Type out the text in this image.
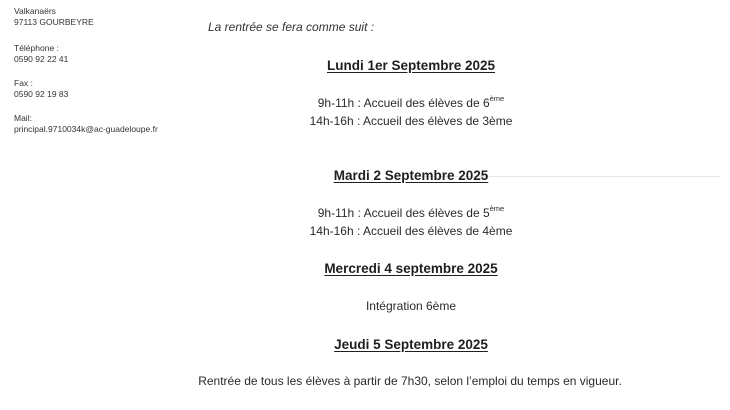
Valkanaërs
97113 GOURBEYRE
Téléphone :
0590 92 22 41
Fax :
0590 92 19 83
Mail:
principal.9710034k@ac-guadeloupe.fr
La rentrée se fera comme suit :
Lundi 1er Septembre 2025
9h-11h : Accueil des élèves de 6ème
14h-16h : Accueil des élèves de 3ème
Mardi 2 Septembre 2025
9h-11h : Accueil des élèves de 5ème
14h-16h : Accueil des élèves de 4ème
Mercredi 4 septembre 2025
Intégration 6ème
Jeudi 5 Septembre 2025
Rentrée de tous les élèves à partir de 7h30, selon l’emploi du temps en vigueur.
